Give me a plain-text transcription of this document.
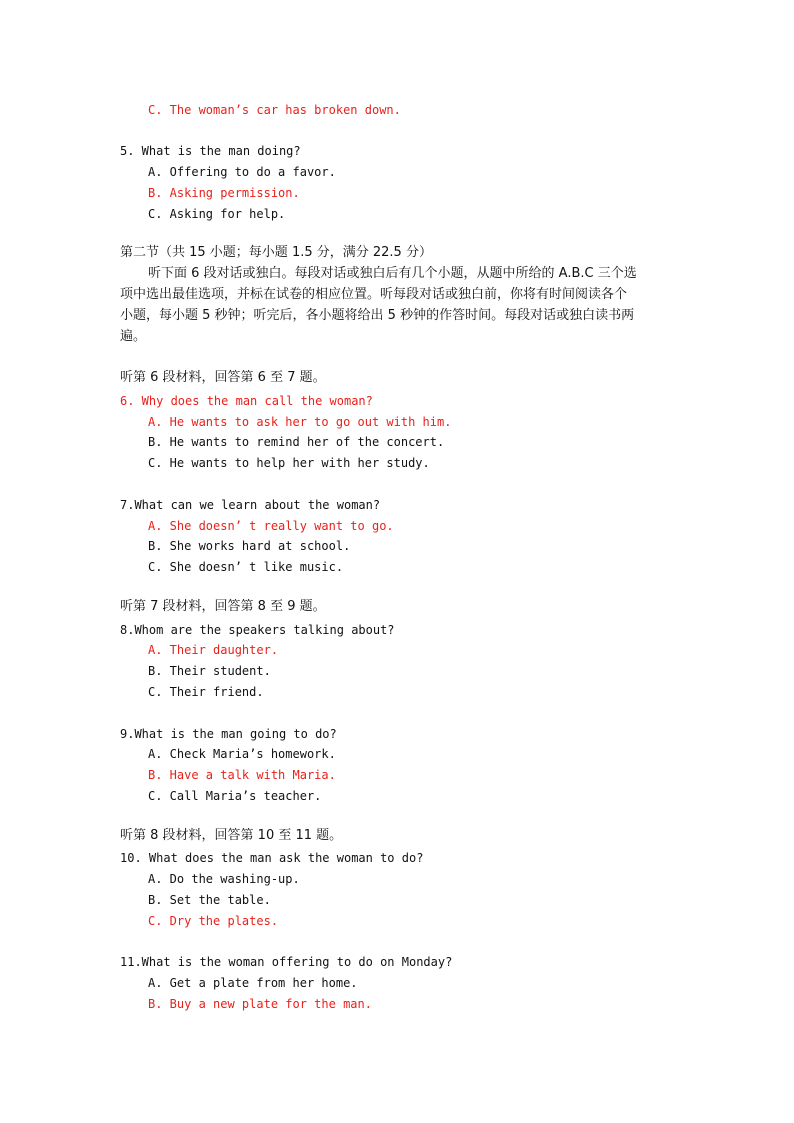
C. The woman’s car has broken down.
5. What is the man doing?
A. Offering to do a favor.
B. Asking permission.
C. Asking for help.
第二节（共 15 小题；每小题 1.5 分，满分 22.5 分）
听下面 6 段对话或独白。每段对话或独白后有几个小题，从题中所给的 A.B.C 三个选
项中选出最佳选项，并标在试卷的相应位置。听每段对话或独白前，你将有时间阅读各个
小题，每小题 5 秒钟；听完后，各小题将给出 5 秒钟的作答时间。每段对话或独白读书两
遍。
听第 6 段材料，回答第 6 至 7 题。
6. Why does the man call the woman?
A. He wants to ask her to go out with him.
B. He wants to remind her of the concert.
C. He wants to help her with her study.
7.What can we learn about the woman?
A. She doesn’ t really want to go.
B. She works hard at school.
C. She doesn’ t like music.
听第 7 段材料，回答第 8 至 9 题。
8.Whom are the speakers talking about?
A. Their daughter.
B. Their student.
C. Their friend.
9.What is the man going to do?
A. Check Maria’s homework.
B. Have a talk with Maria.
C. Call Maria’s teacher.
听第 8 段材料，回答第 10 至 11 题。
10. What does the man ask the woman to do?
A. Do the washing-up.
B. Set the table.
C. Dry the plates.
11.What is the woman offering to do on Monday?
A. Get a plate from her home.
B. Buy a new plate for the man.
